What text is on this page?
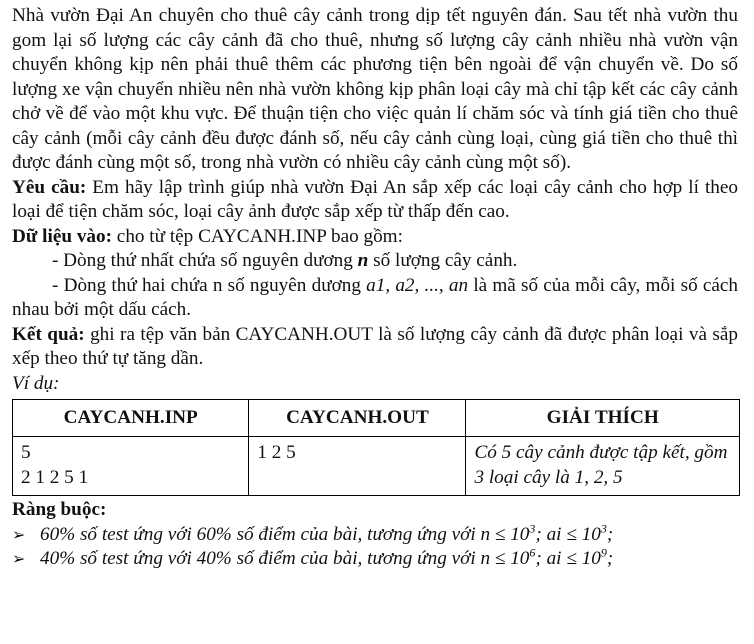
Nhà vườn Đại An chuyên cho thuê cây cảnh trong dịp tết nguyên đán. Sau tết nhà vườn thu gom lại số lượng các cây cảnh đã cho thuê, nhưng số lượng cây cảnh nhiều nhà vườn vận chuyển không kịp nên phải thuê thêm các phương tiện bên ngoài để vận chuyển về. Do số lượng xe vận chuyển nhiều nên nhà vườn không kịp phân loại cây mà chỉ tập kết các cây cảnh chở về để vào một khu vực. Để thuận tiện cho việc quản lí chăm sóc và tính giá tiền cho thuê cây cảnh (mỗi cây cảnh đều được đánh số, nếu cây cảnh cùng loại, cùng giá tiền cho thuê thì được đánh cùng một số, trong nhà vườn có nhiều cây cảnh cùng một số).

Yêu cầu: Em hãy lập trình giúp nhà vườn Đại An sắp xếp các loại cây cảnh cho hợp lí theo loại để tiện chăm sóc, loại cây ảnh được sắp xếp từ thấp đến cao.

Dữ liệu vào: cho từ tệp CAYCANH.INP bao gồm:

- Dòng thứ nhất chứa số nguyên dương n số lượng cây cảnh.

- Dòng thứ hai chứa n số nguyên dương a1, a2, ..., an là mã số của mỗi cây, mỗi số cách nhau bởi một dấu cách.

Kết quả: ghi ra tệp văn bản CAYCANH.OUT là số lượng cây cảnh đã được phân loại và sắp xếp theo thứ tự tăng dần.

Ví dụ:

CAYCANH.INP	CAYCANH.OUT	GIẢI THÍCH
5
2 1 2 5 1	1 2 5	Có 5 cây cảnh được tập kết, gồm 3 loại cây là 1, 2, 5

Ràng buộc:

➢ 60% số test ứng với 60% số điểm của bài, tương ứng với $n \le 10^3$; ai ≤ $10^3$;
➢ 40% số test ứng với 40% số điểm của bài, tương ứng với $n \le 10^6$; ai ≤ $10^9$;
